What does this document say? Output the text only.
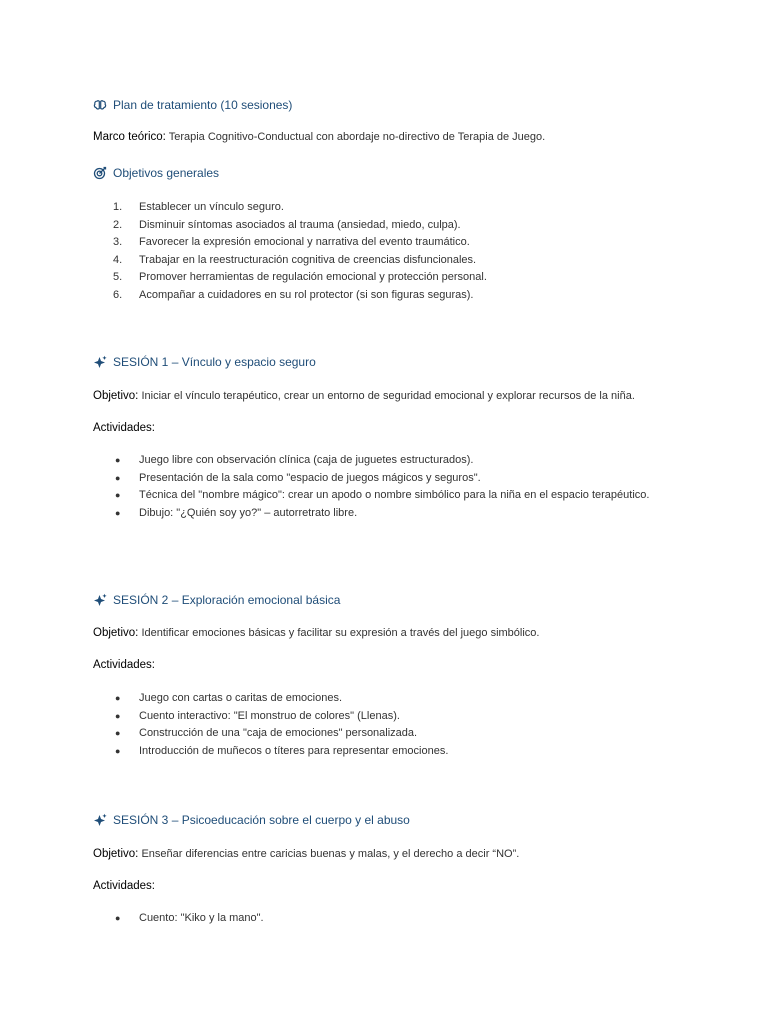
Plan de tratamiento (10 sesiones)
Marco teórico: Terapia Cognitivo-Conductual con abordaje no-directivo de Terapia de Juego.
Objetivos generales
1.	Establecer un vínculo seguro.
2.	Disminuir síntomas asociados al trauma (ansiedad, miedo, culpa).
3.	Favorecer la expresión emocional y narrativa del evento traumático.
4.	Trabajar en la reestructuración cognitiva de creencias disfuncionales.
5.	Promover herramientas de regulación emocional y protección personal.
6.	Acompañar a cuidadores en su rol protector (si son figuras seguras).
SESIÓN 1 – Vínculo y espacio seguro
Objetivo: Iniciar el vínculo terapéutico, crear un entorno de seguridad emocional y explorar recursos de la niña.
Actividades:
●	Juego libre con observación clínica (caja de juguetes estructurados).
●	Presentación de la sala como "espacio de juegos mágicos y seguros".
●	Técnica del "nombre mágico": crear un apodo o nombre simbólico para la niña en el espacio terapéutico.
●	Dibujo: "¿Quién soy yo?" – autorretrato libre.
SESIÓN 2 – Exploración emocional básica
Objetivo: Identificar emociones básicas y facilitar su expresión a través del juego simbólico.
Actividades:
●	Juego con cartas o caritas de emociones.
●	Cuento interactivo: "El monstruo de colores" (Llenas).
●	Construcción de una "caja de emociones" personalizada.
●	Introducción de muñecos o títeres para representar emociones.
SESIÓN 3 – Psicoeducación sobre el cuerpo y el abuso
Objetivo: Enseñar diferencias entre caricias buenas y malas, y el derecho a decir “NO”.
Actividades:
●	Cuento: "Kiko y la mano".
